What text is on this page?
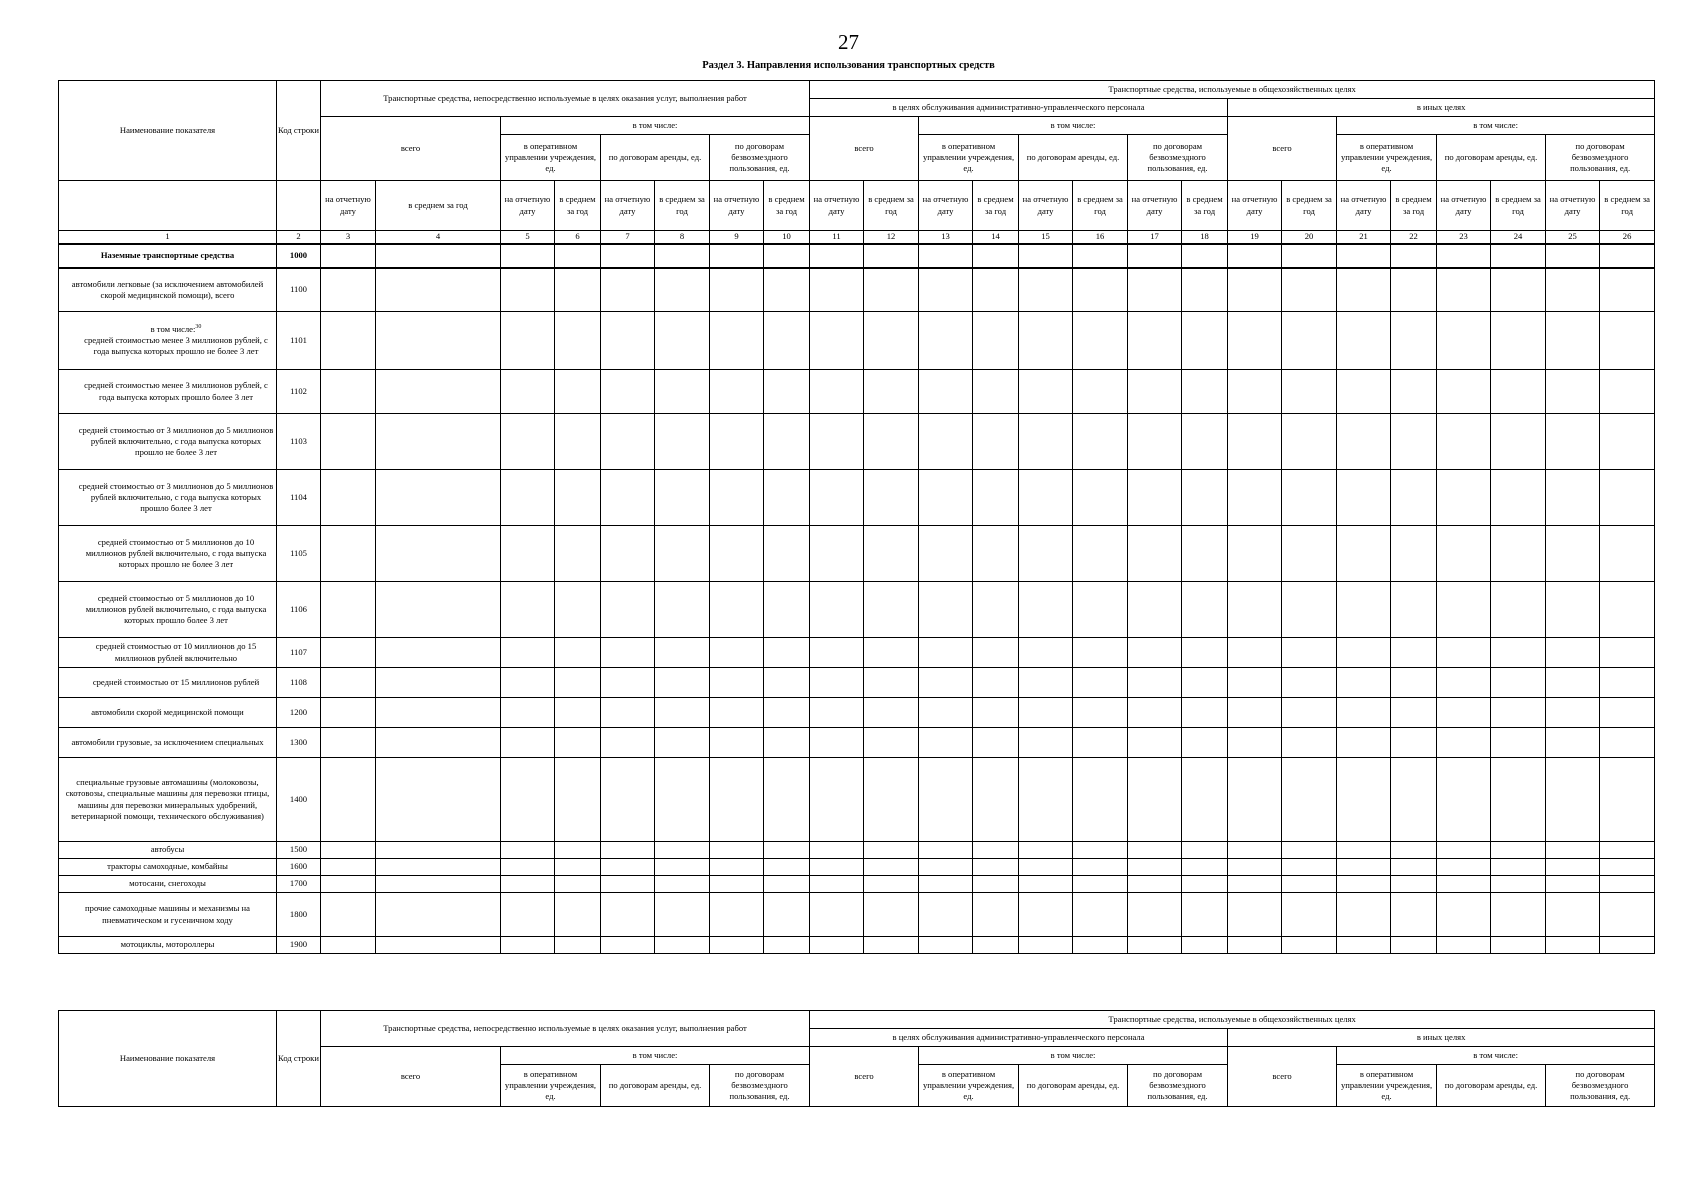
27
Раздел 3. Направления использования транспортных средств
Наименование показателя	Код строки	Транспортные средства, непосредственно используемые в целях оказания услуг, выполнения работ								Транспортные средства, используемые в общехозяйственных целях															
										в целях обслуживания административно-управленческого персонала								в иных целях							
		всего		в том числе:						всего		в том числе:						всего		в том числе:					
				в оперативном управлении учреждения, ед.		по договорам аренды, ед.		по договорам безвозмездного пользования, ед.				в оперативном управлении учреждения, ед.		по договорам аренды, ед.		по договорам безвозмездного пользования, ед.				в оперативном управлении учреждения, ед.		по договорам аренды, ед.		по договорам безвозмездного пользования, ед.	
		на отчетную дату	в среднем за год	на отчетную дату	в среднем за год	на отчетную дату	в среднем за год	на отчетную дату	в среднем за год	на отчетную дату	в среднем за год	на отчетную дату	в среднем за год	на отчетную дату	в среднем за год	на отчетную дату	в среднем за год	на отчетную дату	в среднем за год	на отчетную дату	в среднем за год	на отчетную дату	в среднем за год	на отчетную дату	в среднем за год
1	2	3	4	5	6	7	8	9	10	11	12	13	14	15	16	17	18	19	20	21	22	23	24	25	26
Наземные транспортные средства	1000																								
автомобили легковые (за исключением автомобилей скорой медицинской помощи), всего	1100																								
в том числе:$^{30}$
средней стоимостью менее 3 миллионов рублей, с года выпуска которых прошло не более 3 лет	1101																								
средней стоимостью менее 3 миллионов рублей, с года выпуска которых прошло более 3 лет	1102																								
средней стоимостью от 3 миллионов до 5 миллионов рублей включительно, с года выпуска которых прошло не более 3 лет	1103																								
средней стоимостью от 3 миллионов до 5 миллионов рублей включительно, с года выпуска которых прошло более 3 лет	1104																								
средней стоимостью от 5 миллионов до 10 миллионов рублей включительно, с года выпуска которых прошло не более 3 лет	1105																								
средней стоимостью от 5 миллионов до 10 миллионов рублей включительно, с года выпуска которых прошло более 3 лет	1106																								
средней стоимостью от 10 миллионов до 15 миллионов рублей включительно	1107																								
средней стоимостью от 15 миллионов рублей	1108																								
автомобили скорой медицинской помощи	1200																								
автомобили грузовые, за исключением специальных	1300																								
специальные грузовые автомашины (молоковозы, скотовозы, специальные машины для перевозки птицы, машины для перевозки минеральных удобрений, ветеринарной помощи, технического обслуживания)	1400																								
автобусы	1500																								
тракторы самоходные, комбайны	1600																								
мотосани, снегоходы	1700																								
прочие самоходные машины и механизмы на пневматическом и гусеничном ходу	1800																								
мотоциклы, мотороллеры	1900																								
Наименование показателя	Код строки	Транспортные средства, непосредственно используемые в целях оказания услуг, выполнения работ				Транспортные средства, используемые в общехозяйственных целях							
						в целях обслуживания административно-управленческого персонала				в иных целях			
		всего	в том числе:			всего	в том числе:			всего	в том числе:		
			в оперативном управлении учреждения, ед.	по договорам аренды, ед.	по договорам безвозмездного пользования, ед.		в оперативном управлении учреждения, ед.	по договорам аренды, ед.	по договорам безвозмездного пользования, ед.		в оперативном управлении учреждения, ед.	по договорам аренды, ед.	по договорам безвозмездного пользования, ед.
